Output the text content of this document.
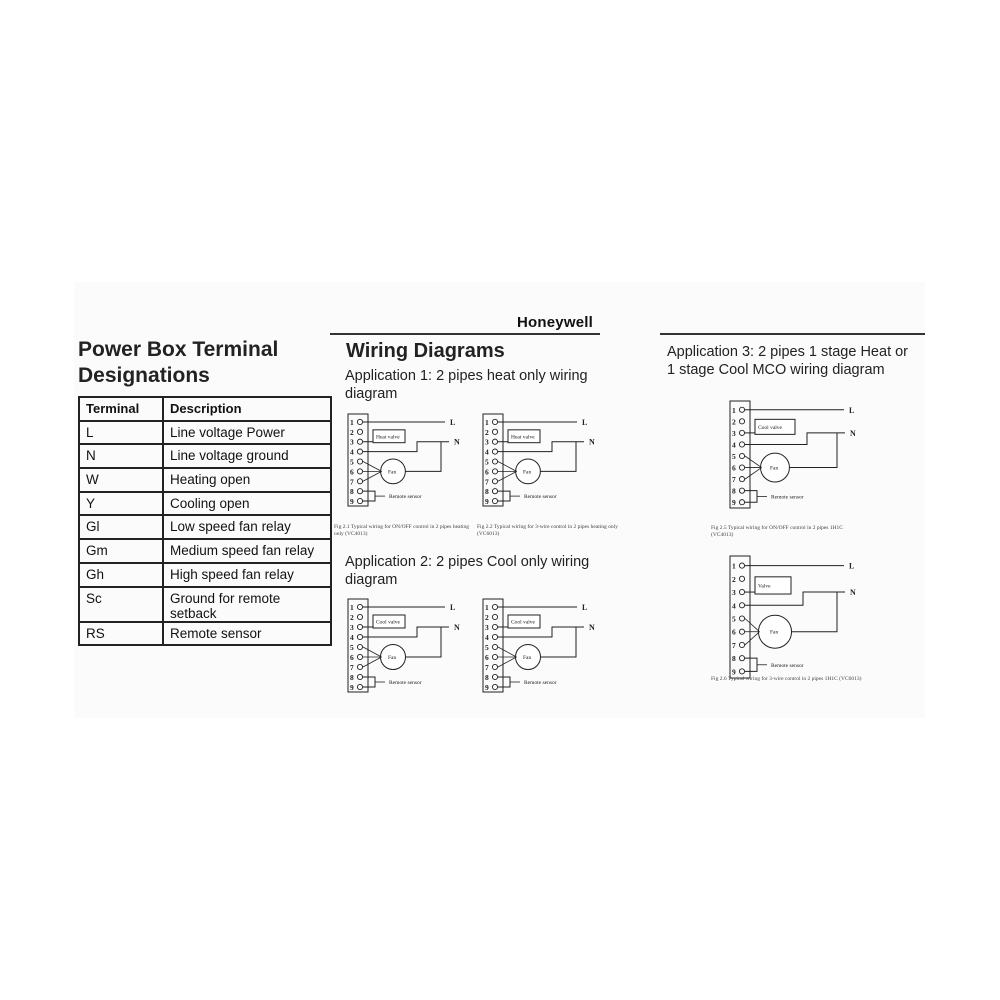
Honeywell
Power Box Terminal
Designations
Terminal	Description
L	Line voltage Power
N	Line voltage ground
W	Heating open
Y	Cooling open
Gl	Low speed fan relay
Gm	Medium speed fan relay
Gh	High speed fan relay
Sc	Ground for remote setback
RS	Remote sensor
Wiring Diagrams
Application 1: 2 pipes heat only wiring
diagram
Application 2: 2 pipes Cool only wiring
diagram
Application 3: 2 pipes 1 stage Heat or
1 stage Cool MCO wiring diagram
1
2
3
4
5
6
7
8
9
L
Heat valve
N
Fan
Remote sensor
1
2
3
4
5
6
7
8
9
L
Heat valve
N
Fan
Remote sensor
1
2
3
4
5
6
7
8
9
L
Cool valve
N
Fan
Remote sensor
1
2
3
4
5
6
7
8
9
L
Cool valve
N
Fan
Remote sensor
1
2
3
4
5
6
7
8
9
L
Cool valve
N
Fan
Remote sensor
1
2
3
4
5
6
7
8
9
L
Valve
N
Fan
Remote sensor
Fig 2.1 Typical wiring for ON/OFF control in 2 pipes heating only (VC4013)
Fig 2.2 Typical wiring for 3-wire control in 2 pipes heating only (VC6013)
Fig 2.5 Typical wiring for ON/OFF control in 2 pipes 1H1C (VC4013)
Fig 2.6 Typical wiring for 3-wire control in 2 pipes 1H1C (VC6013)
